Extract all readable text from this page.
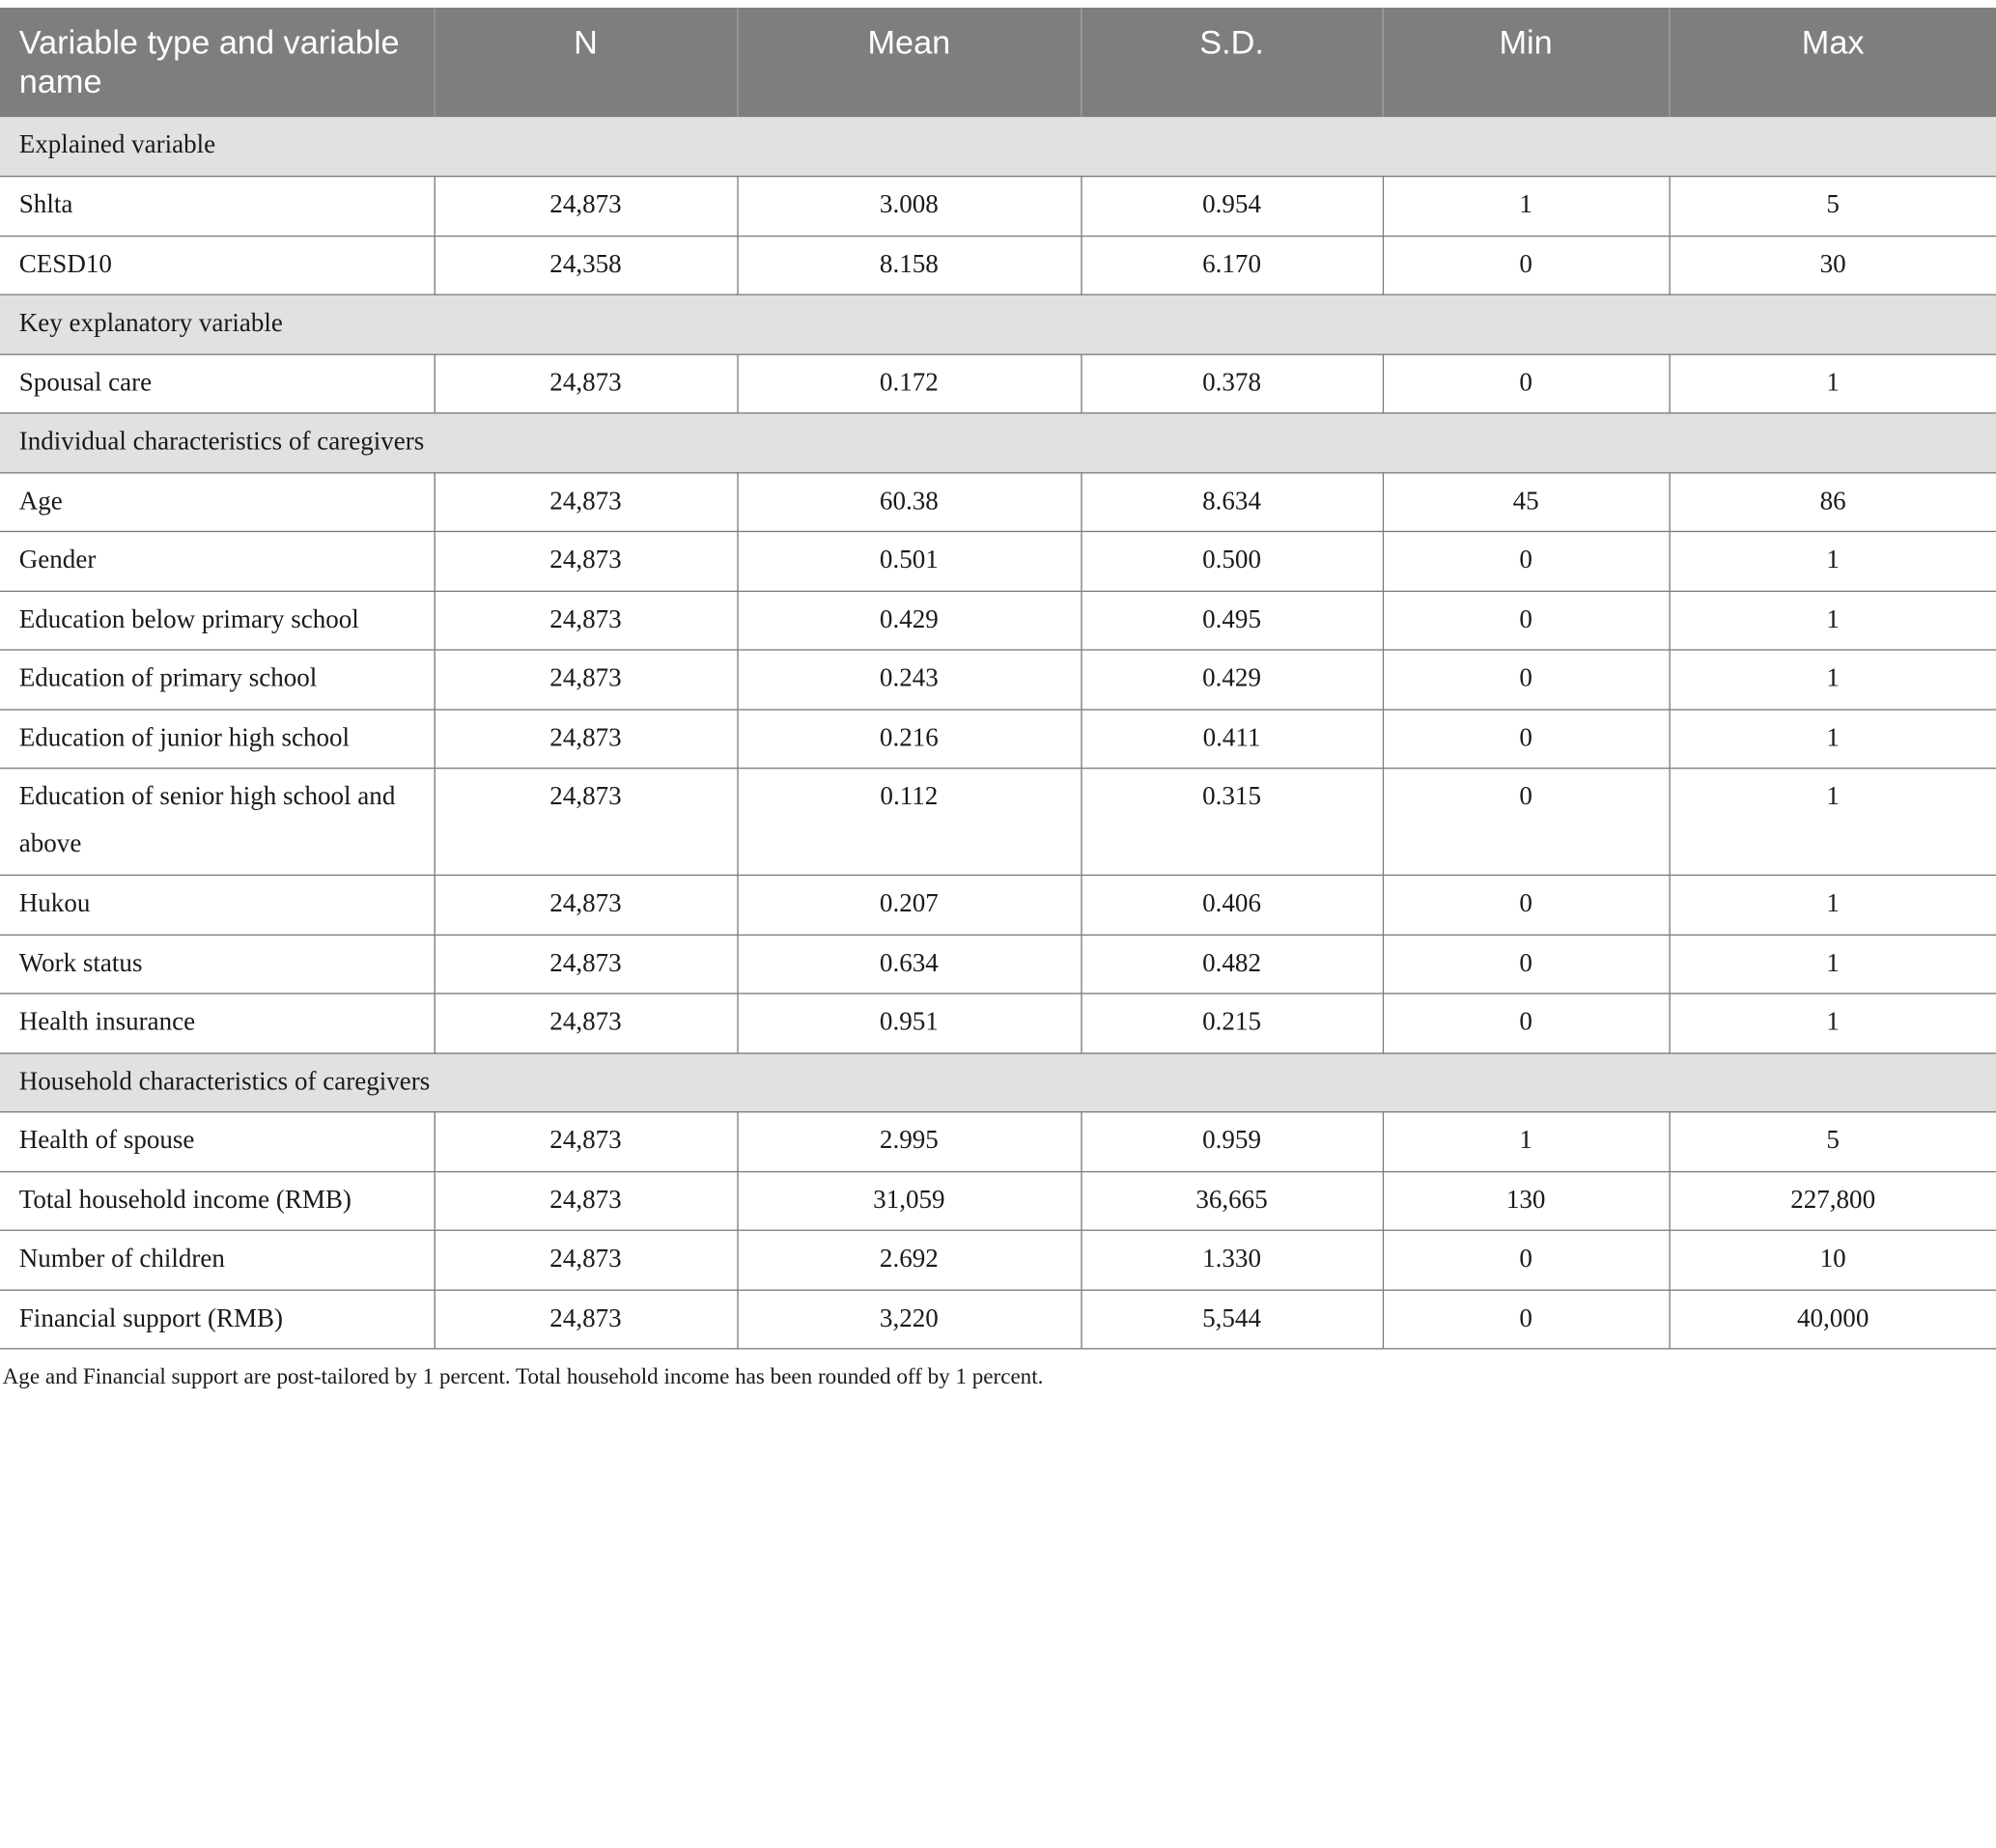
Variable type and variable name	N	Mean	S.D.	Min	Max
Explained variable					
Shlta	24,873	3.008	0.954	1	5
CESD10	24,358	8.158	6.170	0	30
Key explanatory variable					
Spousal care	24,873	0.172	0.378	0	1
Individual characteristics of caregivers					
Age	24,873	60.38	8.634	45	86
Gender	24,873	0.501	0.500	0	1
Education below primary school	24,873	0.429	0.495	0	1
Education of primary school	24,873	0.243	0.429	0	1
Education of junior high school	24,873	0.216	0.411	0	1
Education of senior high school and above	24,873	0.112	0.315	0	1
Hukou	24,873	0.207	0.406	0	1
Work status	24,873	0.634	0.482	0	1
Health insurance	24,873	0.951	0.215	0	1
Household characteristics of caregivers					
Health of spouse	24,873	2.995	0.959	1	5
Total household income (RMB)	24,873	31,059	36,665	130	227,800
Number of children	24,873	2.692	1.330	0	10
Financial support (RMB)	24,873	3,220	5,544	0	40,000
Age and Financial support are post-tailored by 1 percent. Total household income has been rounded off by 1 percent.
